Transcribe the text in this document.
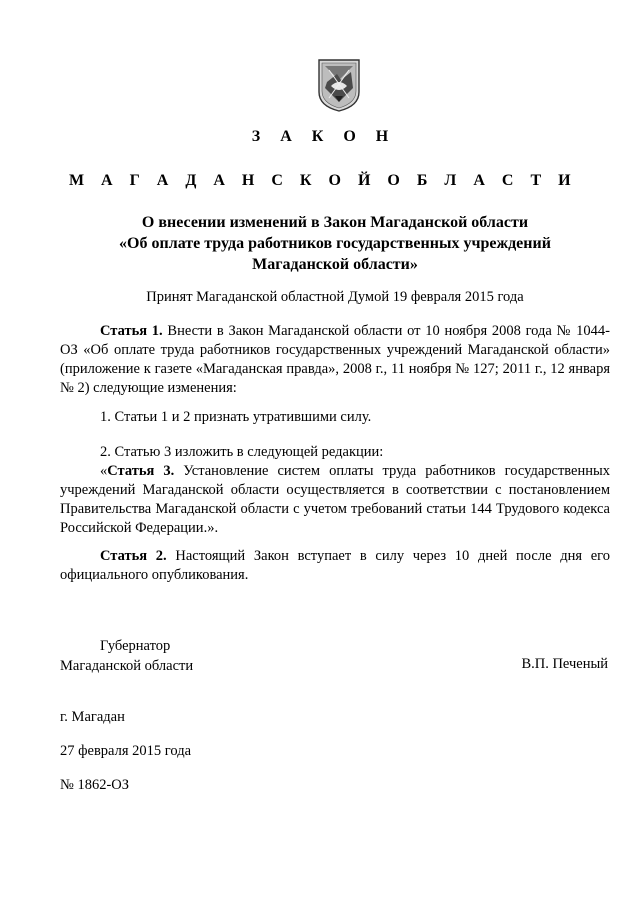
З А К О Н
М А Г А Д А Н С К О Й О Б Л А С Т И
О внесении изменений в Закон Магаданской области
«Об оплате труда работников государственных учреждений
Магаданской области»
Принят Магаданской областной Думой 19 февраля 2015 года

Статья 1. Внести в Закон Магаданской области от 10 ноября 2008 года № 1044-ОЗ «Об оплате труда работников государственных учреждений Магаданской области» (приложение к газете «Магаданская правда», 2008 г., 11 ноября № 127; 2011 г., 12 января № 2) следующие изменения:

1. Статьи 1 и 2 признать утратившими силу.

2. Статью 3 изложить в следующей редакции:

«Статья 3. Установление систем оплаты труда работников государственных учреждений Магаданской области осуществляется в соответствии с постановлением Правительства Магаданской области с учетом требований статьи 144 Трудового кодекса Российской Федерации.».

Статья 2. Настоящий Закон вступает в силу через 10 дней после дня его официального опубликования.

Губернатор
Магаданской области	В.П. Печеный
г. Магадан
27 февраля 2015 года
№ 1862-ОЗ
